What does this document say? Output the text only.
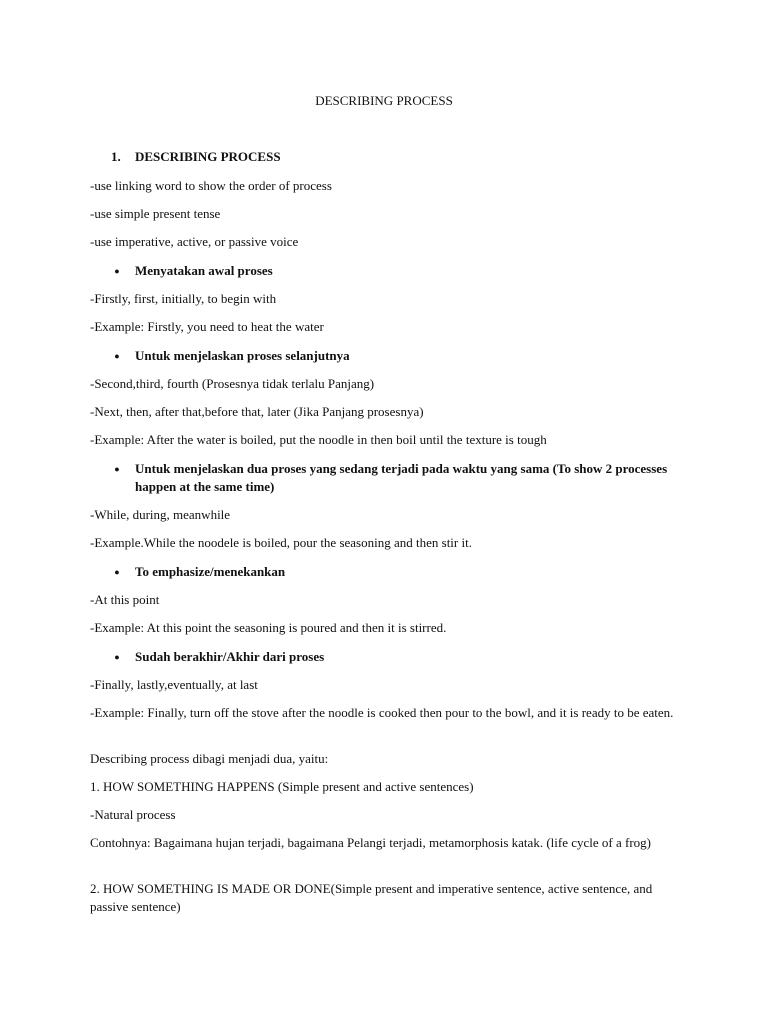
DESCRIBING PROCESS
1. DESCRIBING PROCESS
-use linking word to show the order of process
-use simple present tense
-use imperative, active, or passive voice
● Menyatakan awal proses
-Firstly, first, initially, to begin with
-Example: Firstly, you need to heat the water
● Untuk menjelaskan proses selanjutnya
-Second,third, fourth (Prosesnya tidak terlalu Panjang)
-Next, then, after that,before that, later (Jika Panjang prosesnya)
-Example: After the water is boiled, put the noodle in then boil until the texture is tough
● Untuk menjelaskan dua proses yang sedang terjadi pada waktu yang sama (To show 2 processes happen at the same time)
-While, during, meanwhile
-Example.While the noodele is boiled, pour the seasoning and then stir it.
● To emphasize/menekankan
-At this point
-Example: At this point the seasoning is poured and then it is stirred.
● Sudah berakhir/Akhir dari proses
-Finally, lastly,eventually, at last
-Example: Finally, turn off the stove after the noodle is cooked then pour to the bowl, and it is ready to be eaten.
Describing process dibagi menjadi dua, yaitu:
1. HOW SOMETHING HAPPENS (Simple present and active sentences)
-Natural process
Contohnya: Bagaimana hujan terjadi, bagaimana Pelangi terjadi, metamorphosis katak. (life cycle of a frog)
2. HOW SOMETHING IS MADE OR DONE(Simple present and imperative sentence, active sentence, and passive sentence)
